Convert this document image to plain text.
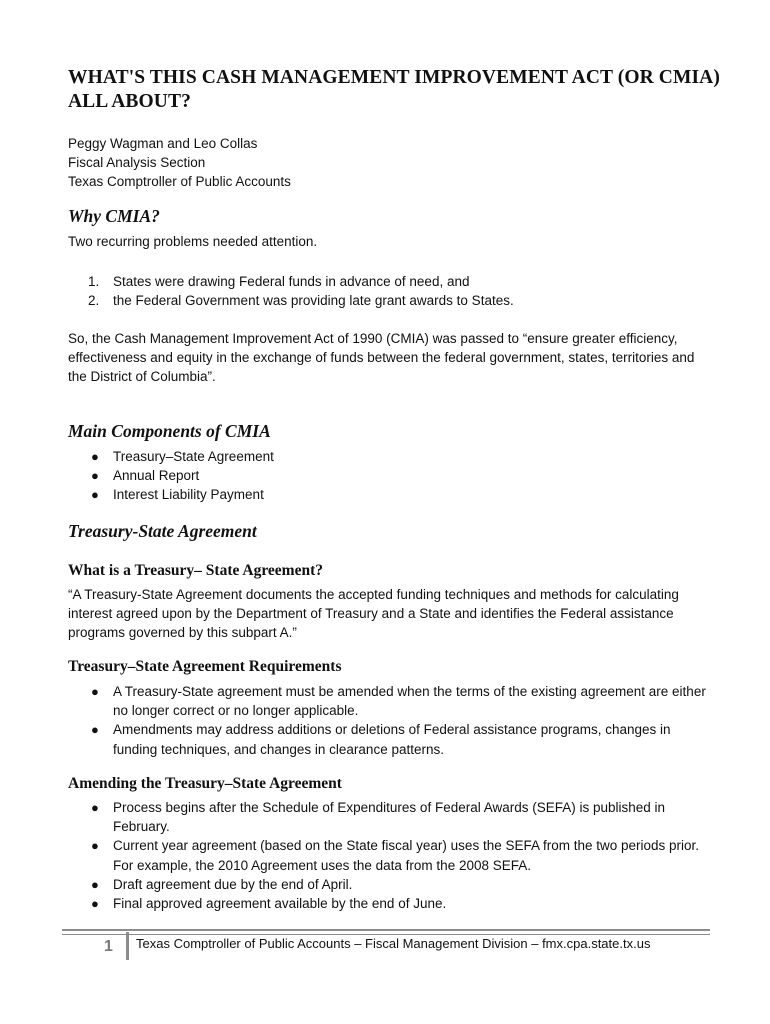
WHAT'S THIS CASH MANAGEMENT IMPROVEMENT ACT (OR CMIA) ALL ABOUT?
Peggy Wagman and Leo Collas
Fiscal Analysis Section
Texas Comptroller of Public Accounts
Why CMIA?

Two recurring problems needed attention.

1.	States were drawing Federal funds in advance of need, and
2.	the Federal Government was providing late grant awards to States.

So, the Cash Management Improvement Act of 1990 (CMIA) was passed to “ensure greater efficiency, effectiveness and equity in the exchange of funds between the federal government, states, territories and the District of Columbia”.

Main Components of CMIA
● Treasury–State Agreement
● Annual Report
● Interest Liability Payment
Treasury-State Agreement
What is a Treasury– State Agreement?

“A Treasury-State Agreement documents the accepted funding techniques and methods for calculating interest agreed upon by the Department of Treasury and a State and identifies the Federal assistance programs governed by this subpart A.”

Treasury–State Agreement Requirements
● A Treasury-State agreement must be amended when the terms of the existing agreement are either no longer correct or no longer applicable.
● Amendments may address additions or deletions of Federal assistance programs, changes in funding techniques, and changes in clearance patterns.
Amending the Treasury–State Agreement
● Process begins after the Schedule of Expenditures of Federal Awards (SEFA) is published in February.
● Current year agreement (based on the State fiscal year) uses the SEFA from the two periods prior.   For example, the 2010 Agreement uses the data from the 2008 SEFA.
● Draft agreement due by the end of April.
● Final approved agreement available by the end of June.
1 Texas Comptroller of Public Accounts – Fiscal Management Division – fmx.cpa.state.tx.us
